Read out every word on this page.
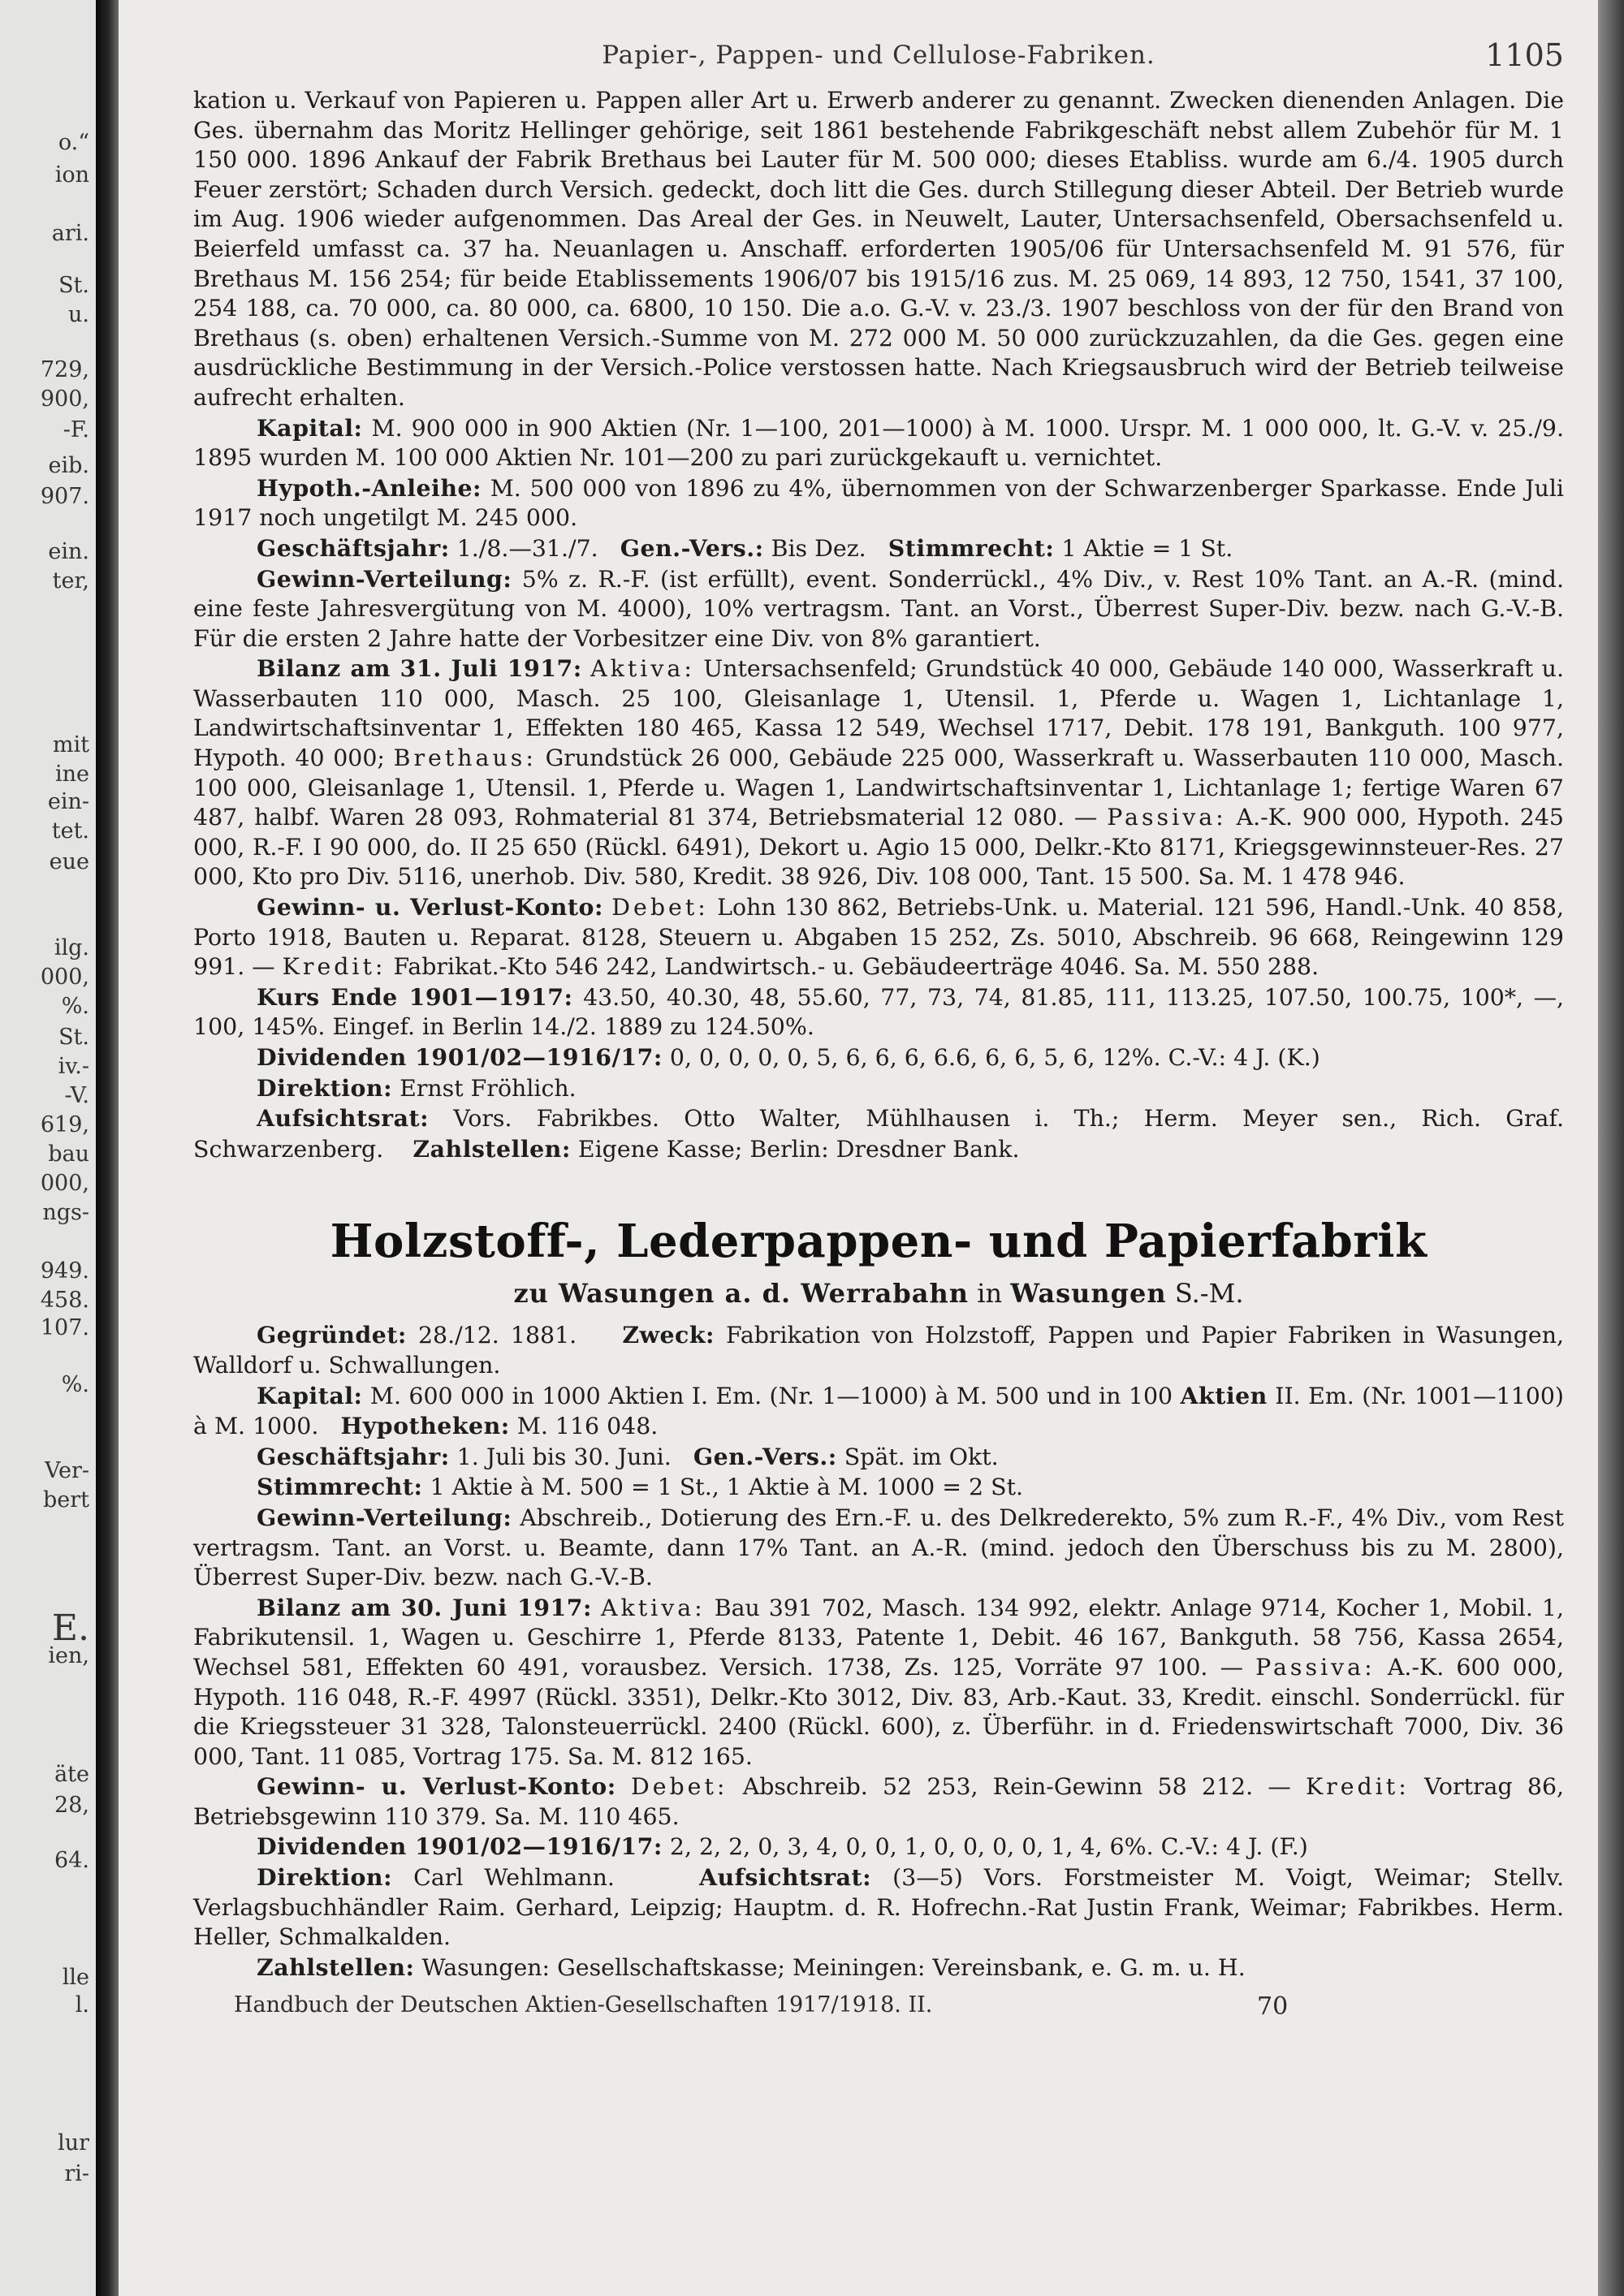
o.“
ion
ari.
St.
u.
729,
900,
-F.
eib.
907.
ein.
ter,
mit
ine
ein-
tet.
eue
ilg.
000,
%.
St.
iv.-
-V.
619,
bau
000,
ngs-
949.
458.
107.
%.
Ver-
bert
E.
ien,
äte
28,
64.
lle
l.
lur
ri-
Papier-, Pappen- und Cellulose-Fabriken.	1105

kation u. Verkauf von Papieren u. Pappen aller Art u. Erwerb anderer zu genannt. Zwecken dienenden Anlagen. Die Ges. übernahm das Moritz Hellinger gehörige, seit 1861 bestehende Fabrikgeschäft nebst allem Zubehör für M. 1 150 000. 1896 Ankauf der Fabrik Brethaus bei Lauter für M. 500 000; dieses Etabliss. wurde am 6./4. 1905 durch Feuer zerstört; Schaden durch Versich. gedeckt, doch litt die Ges. durch Stillegung dieser Abteil. Der Betrieb wurde im Aug. 1906 wieder aufgenommen. Das Areal der Ges. in Neuwelt, Lauter, Untersachsenfeld, Obersachsenfeld u. Beierfeld umfasst ca. 37 ha. Neuanlagen u. Anschaff. erforderten 1905/06 für Untersachsenfeld M. 91 576, für Brethaus M. 156 254; für beide Etablissements 1906/07 bis 1915/16 zus. M. 25 069, 14 893, 12 750, 1541, 37 100, 254 188, ca. 70 000, ca. 80 000, ca. 6800, 10 150. Die a.o. G.-V. v. 23./3. 1907 beschloss von der für den Brand von Brethaus (s. oben) erhaltenen Versich.-Summe von M. 272 000 M. 50 000 zurückzuzahlen, da die Ges. gegen eine ausdrückliche Bestimmung in der Versich.-Police verstossen hatte. Nach Kriegsausbruch wird der Betrieb teilweise aufrecht erhalten.

Kapital: M. 900 000 in 900 Aktien (Nr. 1—100, 201—1000) à M. 1000. Urspr. M. 1 000 000, lt. G.-V. v. 25./9. 1895 wurden M. 100 000 Aktien Nr. 101—200 zu pari zurückgekauft u. vernichtet.

Hypoth.-Anleihe: M. 500 000 von 1896 zu 4%, übernommen von der Schwarzenberger Sparkasse. Ende Juli 1917 noch ungetilgt M. 245 000.

Geschäftsjahr: 1./8.—31./7. Gen.-Vers.: Bis Dez. Stimmrecht: 1 Aktie = 1 St.

Gewinn-Verteilung: 5% z. R.-F. (ist erfüllt), event. Sonderrückl., 4% Div., v. Rest 10% Tant. an A.-R. (mind. eine feste Jahresvergütung von M. 4000), 10% vertragsm. Tant. an Vorst., Überrest Super-Div. bezw. nach G.-V.-B. Für die ersten 2 Jahre hatte der Vorbesitzer eine Div. von 8% garantiert.

Bilanz am 31. Juli 1917: Aktiva: Untersachsenfeld; Grundstück 40 000, Gebäude 140 000, Wasserkraft u. Wasserbauten 110 000, Masch. 25 100, Gleisanlage 1, Utensil. 1, Pferde u. Wagen 1, Lichtanlage 1, Landwirtschaftsinventar 1, Effekten 180 465, Kassa 12 549, Wechsel 1717, Debit. 178 191, Bankguth. 100 977, Hypoth. 40 000; Brethaus: Grundstück 26 000, Gebäude 225 000, Wasserkraft u. Wasserbauten 110 000, Masch. 100 000, Gleisanlage 1, Utensil. 1, Pferde u. Wagen 1, Landwirtschaftsinventar 1, Lichtanlage 1; fertige Waren 67 487, halbf. Waren 28 093, Rohmaterial 81 374, Betriebsmaterial 12 080. — Passiva: A.-K. 900 000, Hypoth. 245 000, R.-F. I 90 000, do. II 25 650 (Rückl. 6491), Dekort u. Agio 15 000, Delkr.-Kto 8171, Kriegsgewinnsteuer-Res. 27 000, Kto pro Div. 5116, unerhob. Div. 580, Kredit. 38 926, Div. 108 000, Tant. 15 500. Sa. M. 1 478 946.

Gewinn- u. Verlust-Konto: Debet: Lohn 130 862, Betriebs-Unk. u. Material. 121 596, Handl.-Unk. 40 858, Porto 1918, Bauten u. Reparat. 8128, Steuern u. Abgaben 15 252, Zs. 5010, Abschreib. 96 668, Reingewinn 129 991. — Kredit: Fabrikat.-Kto 546 242, Landwirtsch.- u. Gebäudeerträge 4046. Sa. M. 550 288.

Kurs Ende 1901—1917: 43.50, 40.30, 48, 55.60, 77, 73, 74, 81.85, 111, 113.25, 107.50, 100.75, 100*, —, 100, 145%. Eingef. in Berlin 14./2. 1889 zu 124.50%.

Dividenden 1901/02—1916/17: 0, 0, 0, 0, 0, 5, 6, 6, 6, 6.6, 6, 6, 5, 6, 12%. C.-V.: 4 J. (K.)

Direktion: Ernst Fröhlich.

Aufsichtsrat: Vors. Fabrikbes. Otto Walter, Mühlhausen i. Th.; Herm. Meyer sen., Rich. Graf. Schwarzenberg. Zahlstellen: Eigene Kasse; Berlin: Dresdner Bank.

Holzstoff-, Lederpappen- und Papierfabrik
zu Wasungen a. d. Werrabahn in Wasungen S.-M.

Gegründet: 28./12. 1881. Zweck: Fabrikation von Holzstoff, Pappen und Papier Fabriken in Wasungen, Walldorf u. Schwallungen.

Kapital: M. 600 000 in 1000 Aktien I. Em. (Nr. 1—1000) à M. 500 und in 100 Aktien II. Em. (Nr. 1001—1100) à M. 1000. Hypotheken: M. 116 048.

Geschäftsjahr: 1. Juli bis 30. Juni. Gen.-Vers.: Spät. im Okt.

Stimmrecht: 1 Aktie à M. 500 = 1 St., 1 Aktie à M. 1000 = 2 St.

Gewinn-Verteilung: Abschreib., Dotierung des Ern.-F. u. des Delkrederekto, 5% zum R.-F., 4% Div., vom Rest vertragsm. Tant. an Vorst. u. Beamte, dann 17% Tant. an A.-R. (mind. jedoch den Überschuss bis zu M. 2800), Überrest Super-Div. bezw. nach G.-V.-B.

Bilanz am 30. Juni 1917: Aktiva: Bau 391 702, Masch. 134 992, elektr. Anlage 9714, Kocher 1, Mobil. 1, Fabrikutensil. 1, Wagen u. Geschirre 1, Pferde 8133, Patente 1, Debit. 46 167, Bankguth. 58 756, Kassa 2654, Wechsel 581, Effekten 60 491, vorausbez. Versich. 1738, Zs. 125, Vorräte 97 100. — Passiva: A.-K. 600 000, Hypoth. 116 048, R.-F. 4997 (Rückl. 3351), Delkr.-Kto 3012, Div. 83, Arb.-Kaut. 33, Kredit. einschl. Sonderrückl. für die Kriegssteuer 31 328, Talonsteuerrückl. 2400 (Rückl. 600), z. Überführ. in d. Friedenswirtschaft 7000, Div. 36 000, Tant. 11 085, Vortrag 175. Sa. M. 812 165.

Gewinn- u. Verlust-Konto: Debet: Abschreib. 52 253, Rein-Gewinn 58 212. — Kredit: Vortrag 86, Betriebsgewinn 110 379. Sa. M. 110 465.

Dividenden 1901/02—1916/17: 2, 2, 2, 0, 3, 4, 0, 0, 1, 0, 0, 0, 0, 1, 4, 6%. C.-V.: 4 J. (F.)

Direktion: Carl Wehlmann.	Aufsichtsrat: (3—5) Vors. Forstmeister M. Voigt, Weimar; Stellv. Verlagsbuchhändler Raim. Gerhard, Leipzig; Hauptm. d. R. Hofrechn.-Rat Justin Frank, Weimar; Fabrikbes. Herm. Heller, Schmalkalden.

Zahlstellen: Wasungen: Gesellschaftskasse; Meiningen: Vereinsbank, e. G. m. u. H.

Handbuch der Deutschen Aktien-Gesellschaften 1917/1918. II.	70
